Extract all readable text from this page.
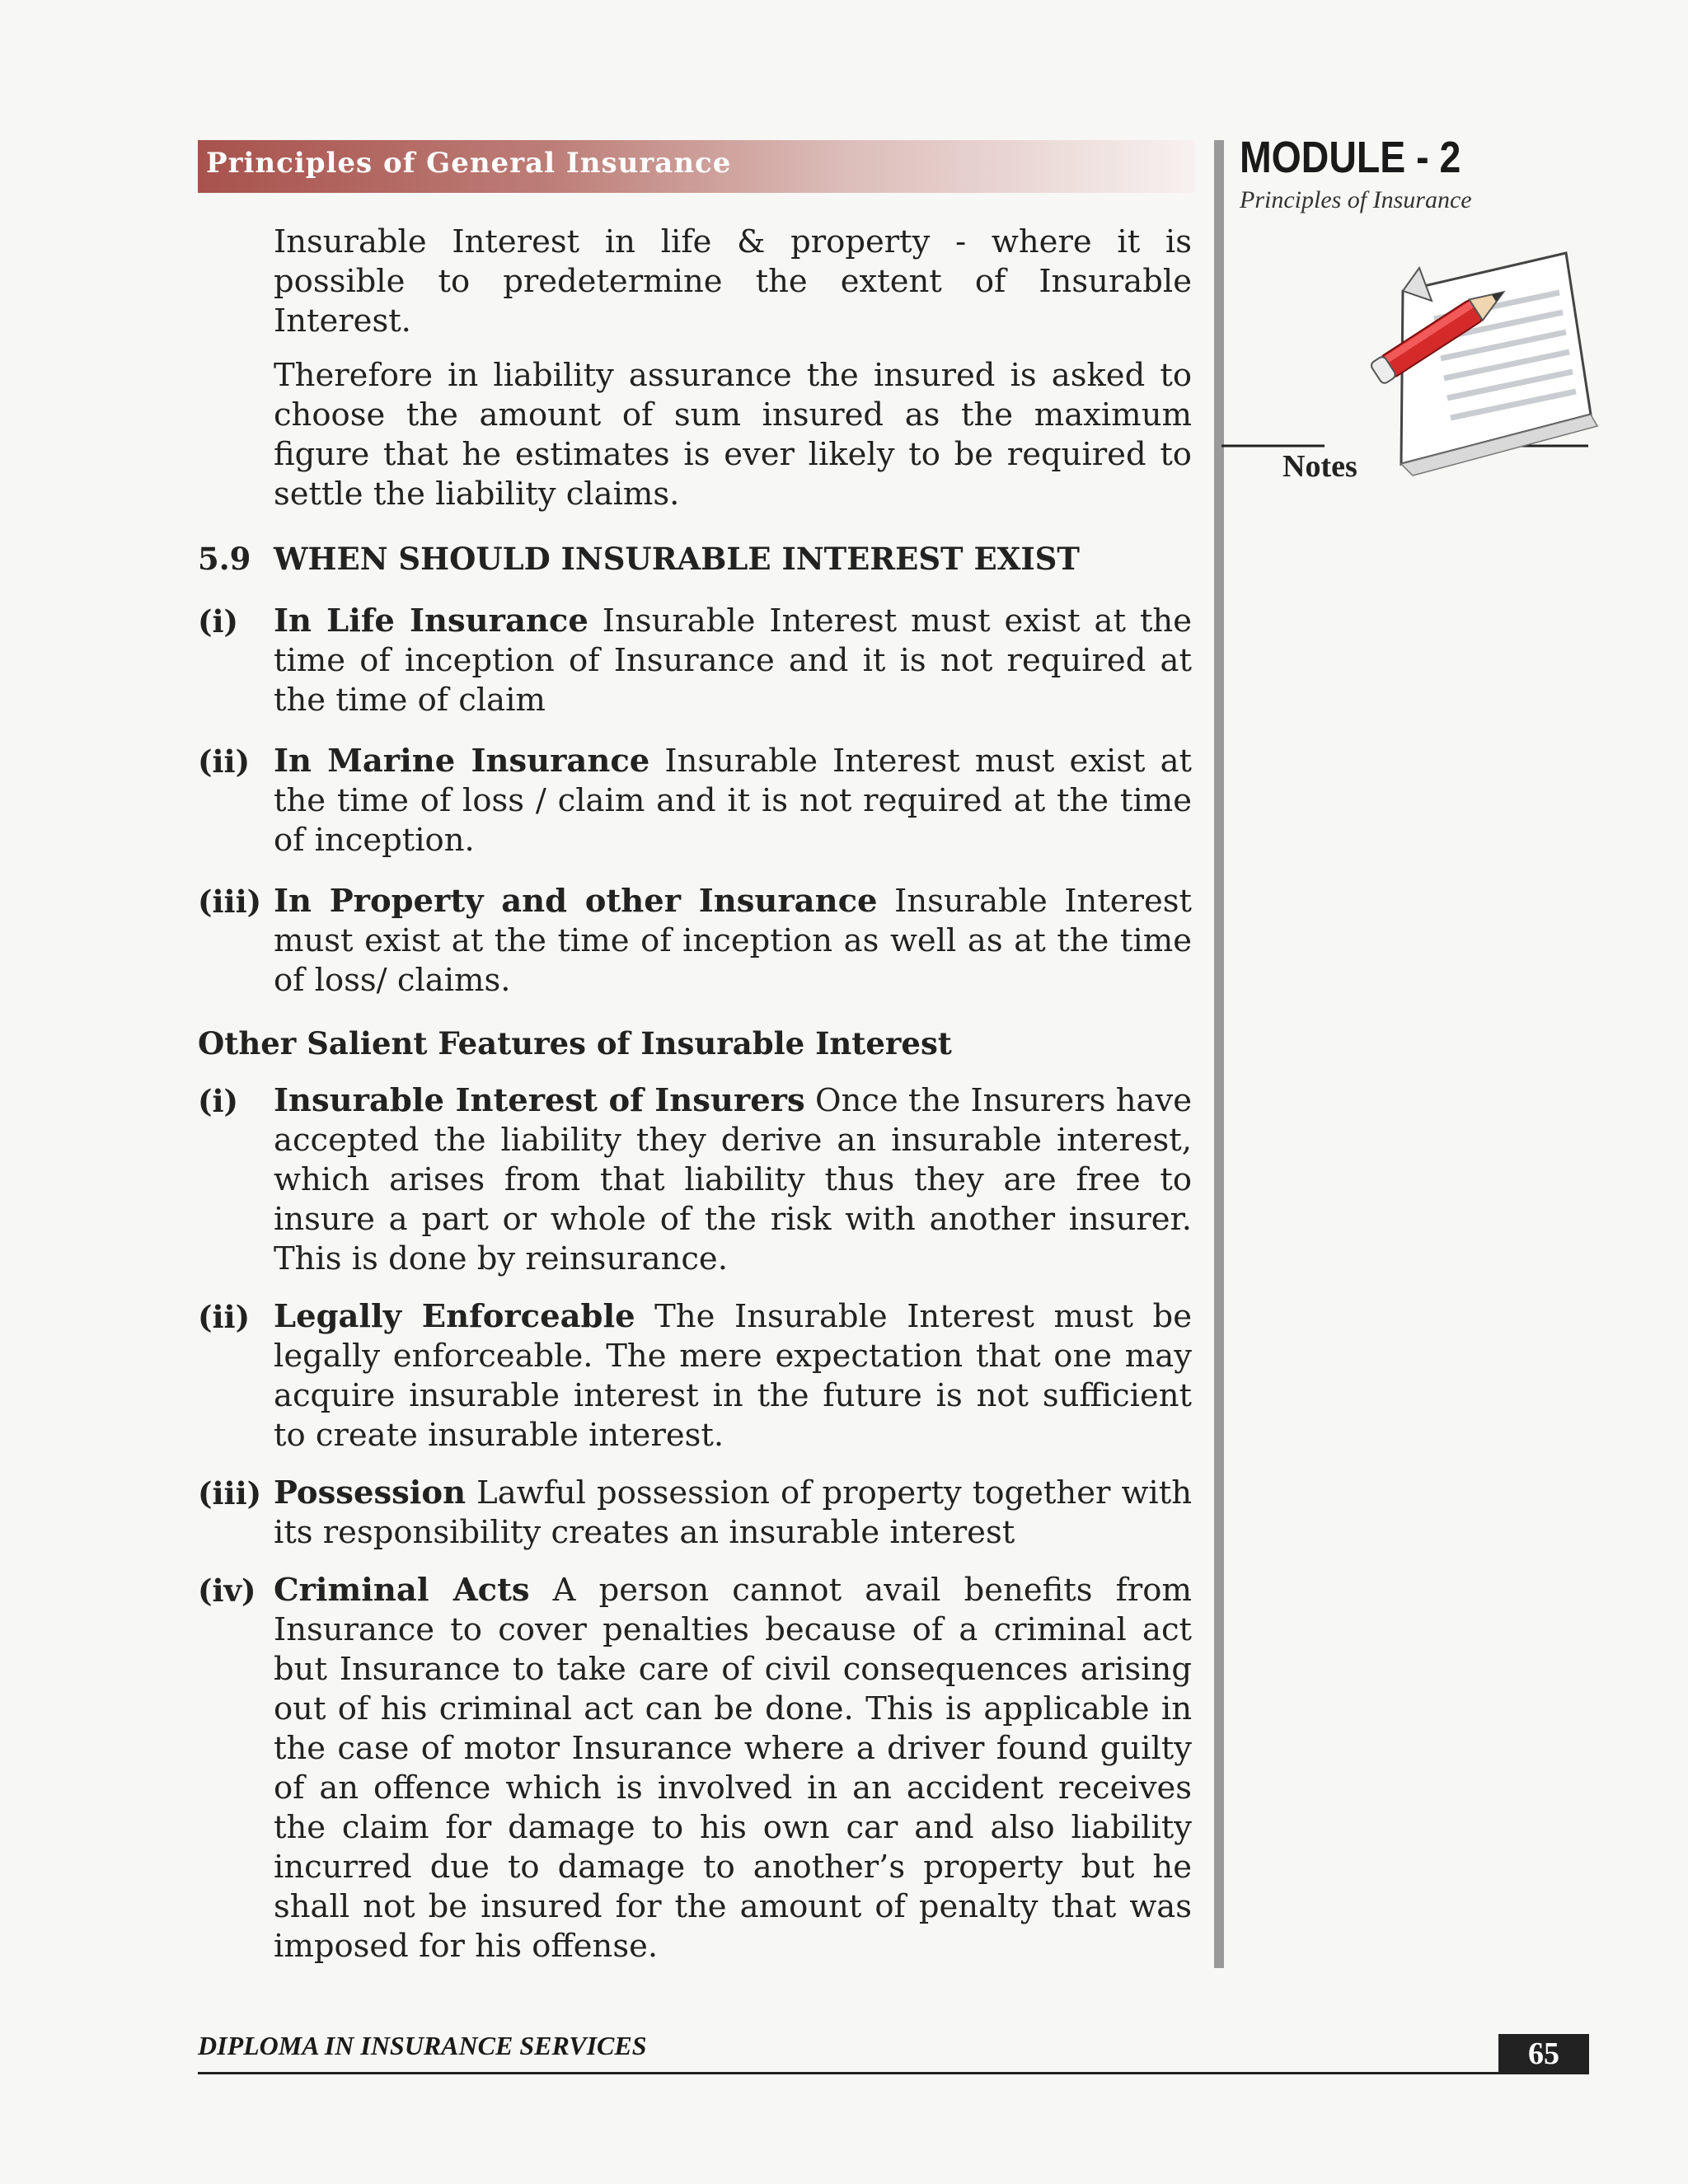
Principles of General Insurance	MODULE - 2
Principles of Insurance
Notes

Insurable Interest in life & property - where it is possible to predetermine the extent of Insurable Interest.

Therefore in liability assurance the insured is asked to choose the amount of sum insured as the maximum figure that he estimates is ever likely to be required to settle the liability claims.

5.9 WHEN SHOULD INSURABLE INTEREST EXIST
(i)	In Life Insurance Insurable Interest must exist at the time of inception of Insurance and it is not required at the time of claim
(ii) In Marine Insurance Insurable Interest must exist at the time of loss / claim and it is not required at the time of inception.
(iii) In Property and other Insurance Insurable Interest must exist at the time of inception as well as at the time of loss/ claims.
Other Salient Features of Insurable Interest
(i)	Insurable Interest of Insurers Once the Insurers have accepted the liability they derive an insurable interest, which arises from that liability thus they are free to insure a part or whole of the risk with another insurer. This is done by reinsurance.
(ii) Legally Enforceable The Insurable Interest must be legally enforceable. The mere expectation that one may acquire insurable interest in the future is not sufficient to create insurable interest.
(iii) Possession Lawful possession of property together with its responsibility creates an insurable interest
(iv) Criminal Acts A person cannot avail benefits from Insurance to cover penalties because of a criminal act but Insurance to take care of civil consequences arising out of his criminal act can be done. This is applicable in the case of motor Insurance where a driver found guilty of an offence which is involved in an accident receives the claim for damage to his own car and also liability incurred due to damage to another’s property but he shall not be insured for the amount of penalty that was imposed for his offense.
DIPLOMA IN INSURANCE SERVICES	65
